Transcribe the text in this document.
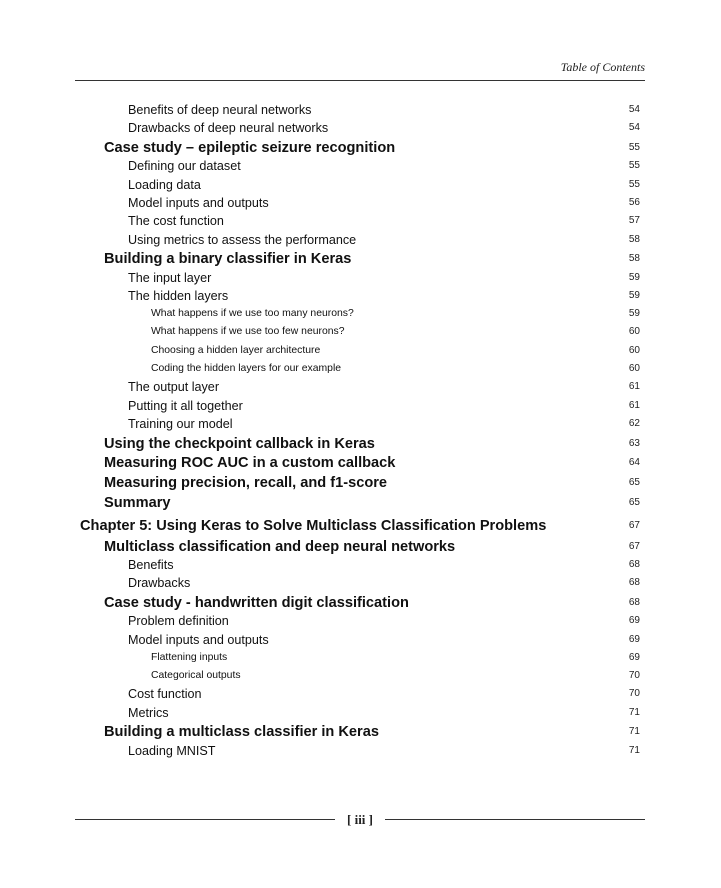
Table of Contents
Benefits of deep neural networks	54
Drawbacks of deep neural networks	54
Case study – epileptic seizure recognition	55
Defining our dataset	55
Loading data	55
Model inputs and outputs	56
The cost function	57
Using metrics to assess the performance	58
Building a binary classifier in Keras	58
The input layer	59
The hidden layers	59
What happens if we use too many neurons?	59
What happens if we use too few neurons?	60
Choosing a hidden layer architecture	60
Coding the hidden layers for our example	60
The output layer	61
Putting it all together	61
Training our model	62
Using the checkpoint callback in Keras	63
Measuring ROC AUC in a custom callback	64
Measuring precision, recall, and f1-score	65
Summary	65
Chapter 5: Using Keras to Solve Multiclass Classification Problems	67
Multiclass classification and deep neural networks	67
Benefits	68
Drawbacks	68
Case study - handwritten digit classification	68
Problem definition	69
Model inputs and outputs	69
Flattening inputs	69
Categorical outputs	70
Cost function	70
Metrics	71
Building a multiclass classifier in Keras	71
Loading MNIST	71
[ iii ]
